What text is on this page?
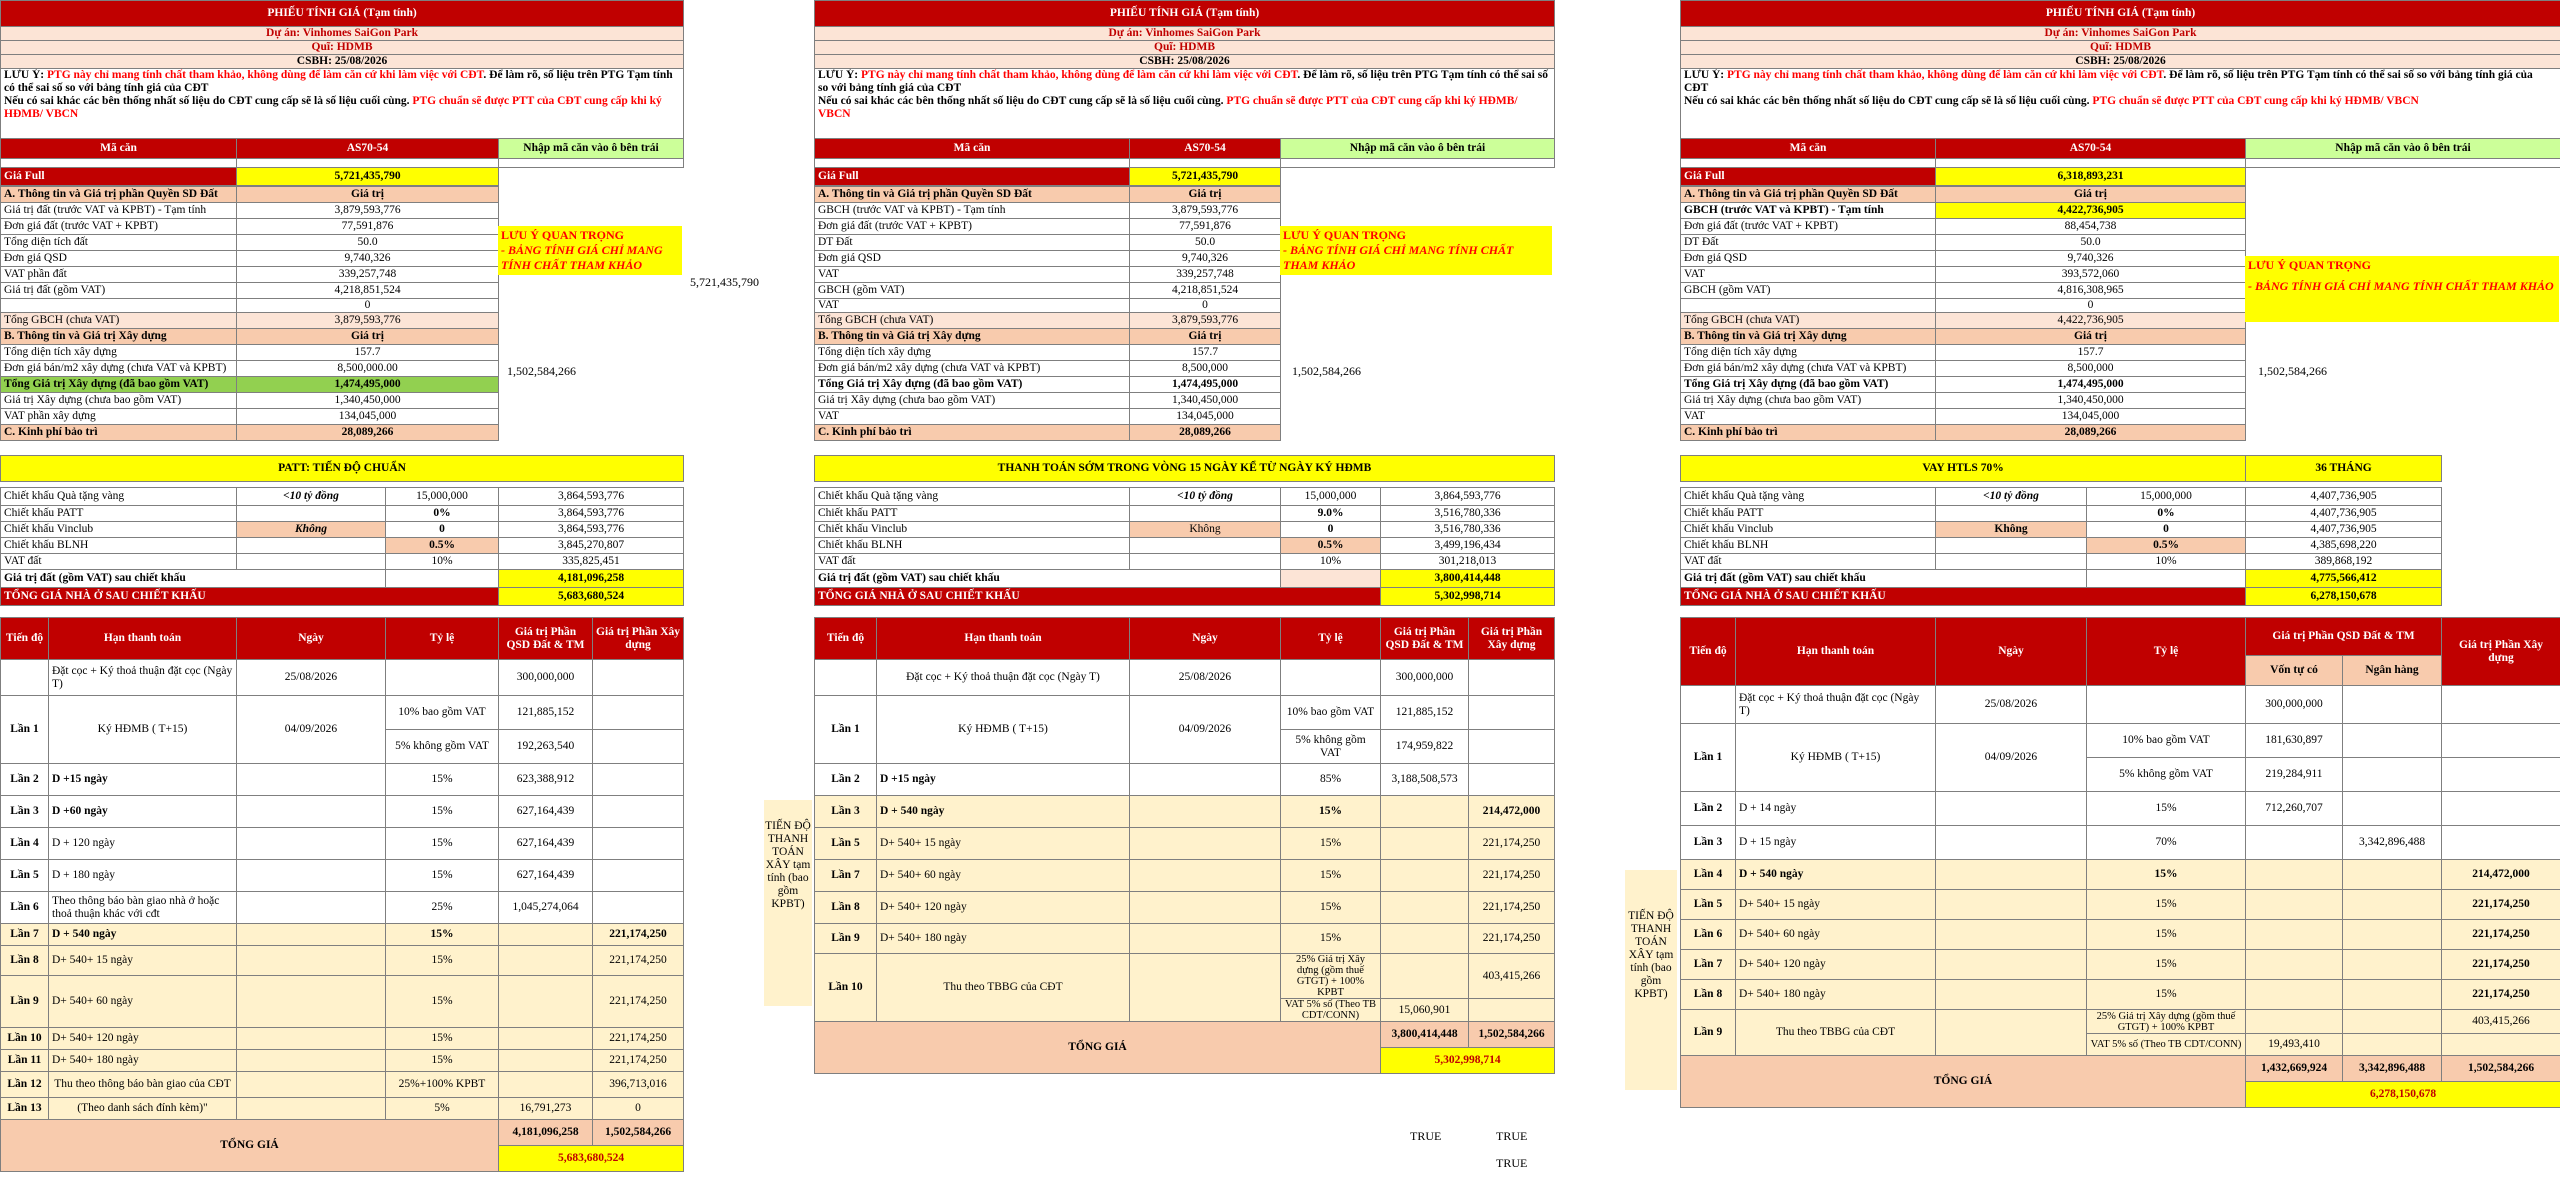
PHIẾU TÍNH GIÁ (Tạm tính)		
Dự án: Vinhomes SaiGon Park		
Quĩ: HDMB		
CSBH: 25/08/2026		
LƯU Ý: PTG này chỉ mang tính chất tham khảo, không dùng để làm căn cứ khi làm việc với CĐT. Để làm rõ, số liệu trên PTG Tạm tính có thể sai số so với bảng tính giá của CĐT
Nếu có sai khác các bên thống nhất số liệu do CĐT cung cấp sẽ là số liệu cuối cùng. PTG chuẩn sẽ được PTT của CĐT cung cấp khi ký HĐMB/ VBCN		
Mã căn	AS70-54	Nhập mã căn vào ô bên trái

Giá Full	5,721,435,790	
A. Thông tin và Giá trị phần Quyền SD Đất	Giá trị	
Giá trị đất (trước VAT và KPBT) - Tạm tính	3,879,593,776	
Đơn giá đất (trước VAT + KPBT)	77,591,876	
Tổng diện tích đất	50.0	
Đơn giá QSD	9,740,326	
VAT phần đất	339,257,748	
Giá trị đất (gồm VAT)	4,218,851,524	
	0	
Tổng GBCH (chưa VAT)	3,879,593,776	
B. Thông tin và Giá trị Xây dựng	Giá trị	
Tổng diện tích xây dựng	157.7	
Đơn giá bán/m2 xây dựng (chưa VAT và KPBT)	8,500,000.00	
Tổng Giá trị Xây dựng (đã bao gồm VAT)	1,474,495,000	
Giá trị Xây dựng (chưa bao gồm VAT)	1,340,450,000	
VAT phần xây dựng	134,045,000	
C. Kinh phí bảo trì	28,089,266	

LƯU Ý QUAN TRỌNG
- BẢNG TÍNH GIÁ CHỈ MANG TÍNH CHẤT THAM KHẢO
5,721,435,790
1,502,584,266
PATT: TIẾN ĐỘ CHUẨN			

Chiết khấu Quà tặng vàng	<10 tỷ đồng	15,000,000	3,864,593,776
Chiết khấu PATT		0%	3,864,593,776
Chiết khấu Vinclub	Không	0	3,864,593,776
Chiết khấu BLNH		0.5%	3,845,270,807
VAT đất		10%	335,825,451
Giá trị đất (gồm VAT) sau chiết khấu			4,181,096,258
TỔNG GIÁ NHÀ Ở SAU CHIẾT KHẤU			5,683,680,524

Tiến độ	Hạn thanh toán	Ngày	Tỷ lệ	Giá trị Phần QSD Đất & TM	Giá trị Phần Xây dựng
	Đặt cọc + Ký thoả thuận đặt cọc (Ngày T)	25/08/2026		300,000,000	
Lần 1	Ký HĐMB ( T+15)	04/09/2026	10% bao gồm VAT	121,885,152	
			5% không gồm VAT	192,263,540	
Lần 2	D +15 ngày		15%	623,388,912	
Lần 3	D +60 ngày		15%	627,164,439	
Lần 4	D + 120 ngày		15%	627,164,439	
Lần 5	D + 180 ngày		15%	627,164,439	
Lần 6	Theo thông báo bàn giao nhà ở hoặc thoả thuận khác với cđt		25%	1,045,274,064	
Lần 7	D + 540 ngày		15%		221,174,250
Lần 8	D+ 540+ 15 ngày		15%		221,174,250
Lần 9	D+ 540+ 60 ngày		15%		221,174,250
Lần 10	D+ 540+ 120 ngày		15%		221,174,250
Lần 11	D+ 540+ 180 ngày		15%		221,174,250
Lần 12	Thu theo thông báo bàn giao của CĐT		25%+100% KPBT		396,713,016
Lần 13	(Theo danh sách đính kèm)"		5%	16,791,273	0
TỔNG GIÁ				4,181,096,258	1,502,584,266
				5,683,680,524	
PHIẾU TÍNH GIÁ (Tạm tính)		
Dự án: Vinhomes SaiGon Park		
Quĩ: HDMB		
CSBH: 25/08/2026		
LƯU Ý: PTG này chỉ mang tính chất tham khảo, không dùng để làm căn cứ khi làm việc với CĐT. Để làm rõ, số liệu trên PTG Tạm tính có thể sai số so với bảng tính giá của CĐT
Nếu có sai khác các bên thống nhất số liệu do CĐT cung cấp sẽ là số liệu cuối cùng. PTG chuẩn sẽ được PTT của CĐT cung cấp khi ký HĐMB/ VBCN		
Mã căn	AS70-54	Nhập mã căn vào ô bên trái

Giá Full	5,721,435,790	
A. Thông tin và Giá trị phần Quyền SD Đất	Giá trị	
GBCH (trước VAT và KPBT) - Tạm tính	3,879,593,776	
Đơn giá đất (trước VAT + KPBT)	77,591,876	
DT Đất	50.0	
Đơn giá QSD	9,740,326	
VAT	339,257,748	
GBCH (gồm VAT)	4,218,851,524	
VAT	0	
Tổng GBCH (chưa VAT)	3,879,593,776	
B. Thông tin và Giá trị Xây dựng	Giá trị	
Tổng diện tích xây dựng	157.7	
Đơn giá bán/m2 xây dựng (chưa VAT và KPBT)	8,500,000	
Tổng Giá trị Xây dựng (đã bao gồm VAT)	1,474,495,000	
Giá trị Xây dựng (chưa bao gồm VAT)	1,340,450,000	
VAT	134,045,000	
C. Kinh phí bảo trì	28,089,266	

LƯU Ý QUAN TRỌNG
- BẢNG TÍNH GIÁ CHỈ MANG TÍNH CHẤT THAM KHẢO
1,502,584,266
THANH TOÁN SỚM TRONG VÒNG 15 NGÀY KỂ TỪ NGÀY KÝ HĐMB			

Chiết khấu Quà tặng vàng	<10 tỷ đồng	15,000,000	3,864,593,776
Chiết khấu PATT		9.0%	3,516,780,336
Chiết khấu Vinclub	Không	0	3,516,780,336
Chiết khấu BLNH		0.5%	3,499,196,434
VAT đất		10%	301,218,013
Giá trị đất (gồm VAT) sau chiết khấu			3,800,414,448
TỔNG GIÁ NHÀ Ở SAU CHIẾT KHẤU			5,302,998,714

Tiến độ	Hạn thanh toán	Ngày	Tỷ lệ	Giá trị Phần QSD Đất & TM	Giá trị Phần Xây dựng
	Đặt cọc + Ký thoả thuận đặt cọc (Ngày T)	25/08/2026		300,000,000	
Lần 1	Ký HĐMB ( T+15)	04/09/2026	10% bao gồm VAT	121,885,152	
			5% không gồm VAT	174,959,822	
Lần 2	D +15 ngày		85%	3,188,508,573	
Lần 3	D + 540 ngày		15%		214,472,000
Lần 5	D+ 540+ 15 ngày		15%		221,174,250
Lần 7	D+ 540+ 60 ngày		15%		221,174,250
Lần 8	D+ 540+ 120 ngày		15%		221,174,250
Lần 9	D+ 540+ 180 ngày		15%		221,174,250
Lần 10	Thu theo TBBG của CĐT		25% Giá trị Xây dựng (gồm thuế GTGT) + 100% KPBT		403,415,266
			VAT 5% số (Theo TB CDT/CONN)	15,060,901	
TỔNG GIÁ				3,800,414,448	1,502,584,266
				5,302,998,714	
TIẾN ĐỘ THANH TOÁN XÂY tạm tính (bao gồm KPBT)
TRUE	TRUE
TRUE
PHIẾU TÍNH GIÁ (Tạm tính)		
Dự án: Vinhomes SaiGon Park		
Quĩ: HDMB		
CSBH: 25/08/2026		
LƯU Ý: PTG này chỉ mang tính chất tham khảo, không dùng để làm căn cứ khi làm việc với CĐT. Để làm rõ, số liệu trên PTG Tạm tính có thể sai số so với bảng tính giá của CĐT
Nếu có sai khác các bên thống nhất số liệu do CĐT cung cấp sẽ là số liệu cuối cùng. PTG chuẩn sẽ được PTT của CĐT cung cấp khi ký HĐMB/ VBCN		
Mã căn	AS70-54	Nhập mã căn vào ô bên trái

Giá Full	6,318,893,231	
A. Thông tin và Giá trị phần Quyền SD Đất	Giá trị	
GBCH (trước VAT và KPBT) - Tạm tính	4,422,736,905	
Đơn giá đất (trước VAT + KPBT)	88,454,738	
DT Đất	50.0	
Đơn giá QSD	9,740,326	
VAT	393,572,060	
GBCH (gồm VAT)	4,816,308,965	
	0	
Tổng GBCH (chưa VAT)	4,422,736,905	
B. Thông tin và Giá trị Xây dựng	Giá trị	
Tổng diện tích xây dựng	157.7	
Đơn giá bán/m2 xây dựng (chưa VAT và KPBT)	8,500,000	
Tổng Giá trị Xây dựng (đã bao gồm VAT)	1,474,495,000	
Giá trị Xây dựng (chưa bao gồm VAT)	1,340,450,000	
VAT	134,045,000	
C. Kinh phí bảo trì	28,089,266	

LƯU Ý QUAN TRỌNG
- BẢNG TÍNH GIÁ CHỈ MANG TÍNH CHẤT THAM KHẢO
1,502,584,266
VAY HTLS 70%			36 THÁNG

Chiết khấu Quà tặng vàng	<10 tỷ đồng	15,000,000	4,407,736,905
Chiết khấu PATT		0%	4,407,736,905
Chiết khấu Vinclub	Không	0	4,407,736,905
Chiết khấu BLNH		0.5%	4,385,698,220
VAT đất		10%	389,868,192
Giá trị đất (gồm VAT) sau chiết khấu			4,775,566,412
TỔNG GIÁ NHÀ Ở SAU CHIẾT KHẤU			6,278,150,678

Tiến độ	Hạn thanh toán	Ngày	Tỷ lệ	Giá trị Phần QSD Đất & TM		Giá trị Phần Xây dựng
				Vốn tự có	Ngân hàng	
	Đặt cọc + Ký thoả thuận đặt cọc (Ngày T)	25/08/2026		300,000,000		
Lần 1	Ký HĐMB ( T+15)	04/09/2026	10% bao gồm VAT	181,630,897		
			5% không gồm VAT	219,284,911		
Lần 2	D + 14 ngày		15%	712,260,707		
Lần 3	D + 15 ngày		70%		3,342,896,488	
Lần 4	D + 540 ngày		15%			214,472,000
Lần 5	D+ 540+ 15 ngày		15%			221,174,250
Lần 6	D+ 540+ 60 ngày		15%			221,174,250
Lần 7	D+ 540+ 120 ngày		15%			221,174,250
Lần 8	D+ 540+ 180 ngày		15%			221,174,250
Lần 9	Thu theo TBBG của CĐT		25% Giá trị Xây dựng (gồm thuế GTGT) + 100% KPBT			403,415,266
			VAT 5% số (Theo TB CDT/CONN)	19,493,410		
TỔNG GIÁ				1,432,669,924	3,342,896,488	1,502,584,266
				6,278,150,678		
TIẾN ĐỘ THANH TOÁN XÂY tạm tính (bao gồm KPBT)
